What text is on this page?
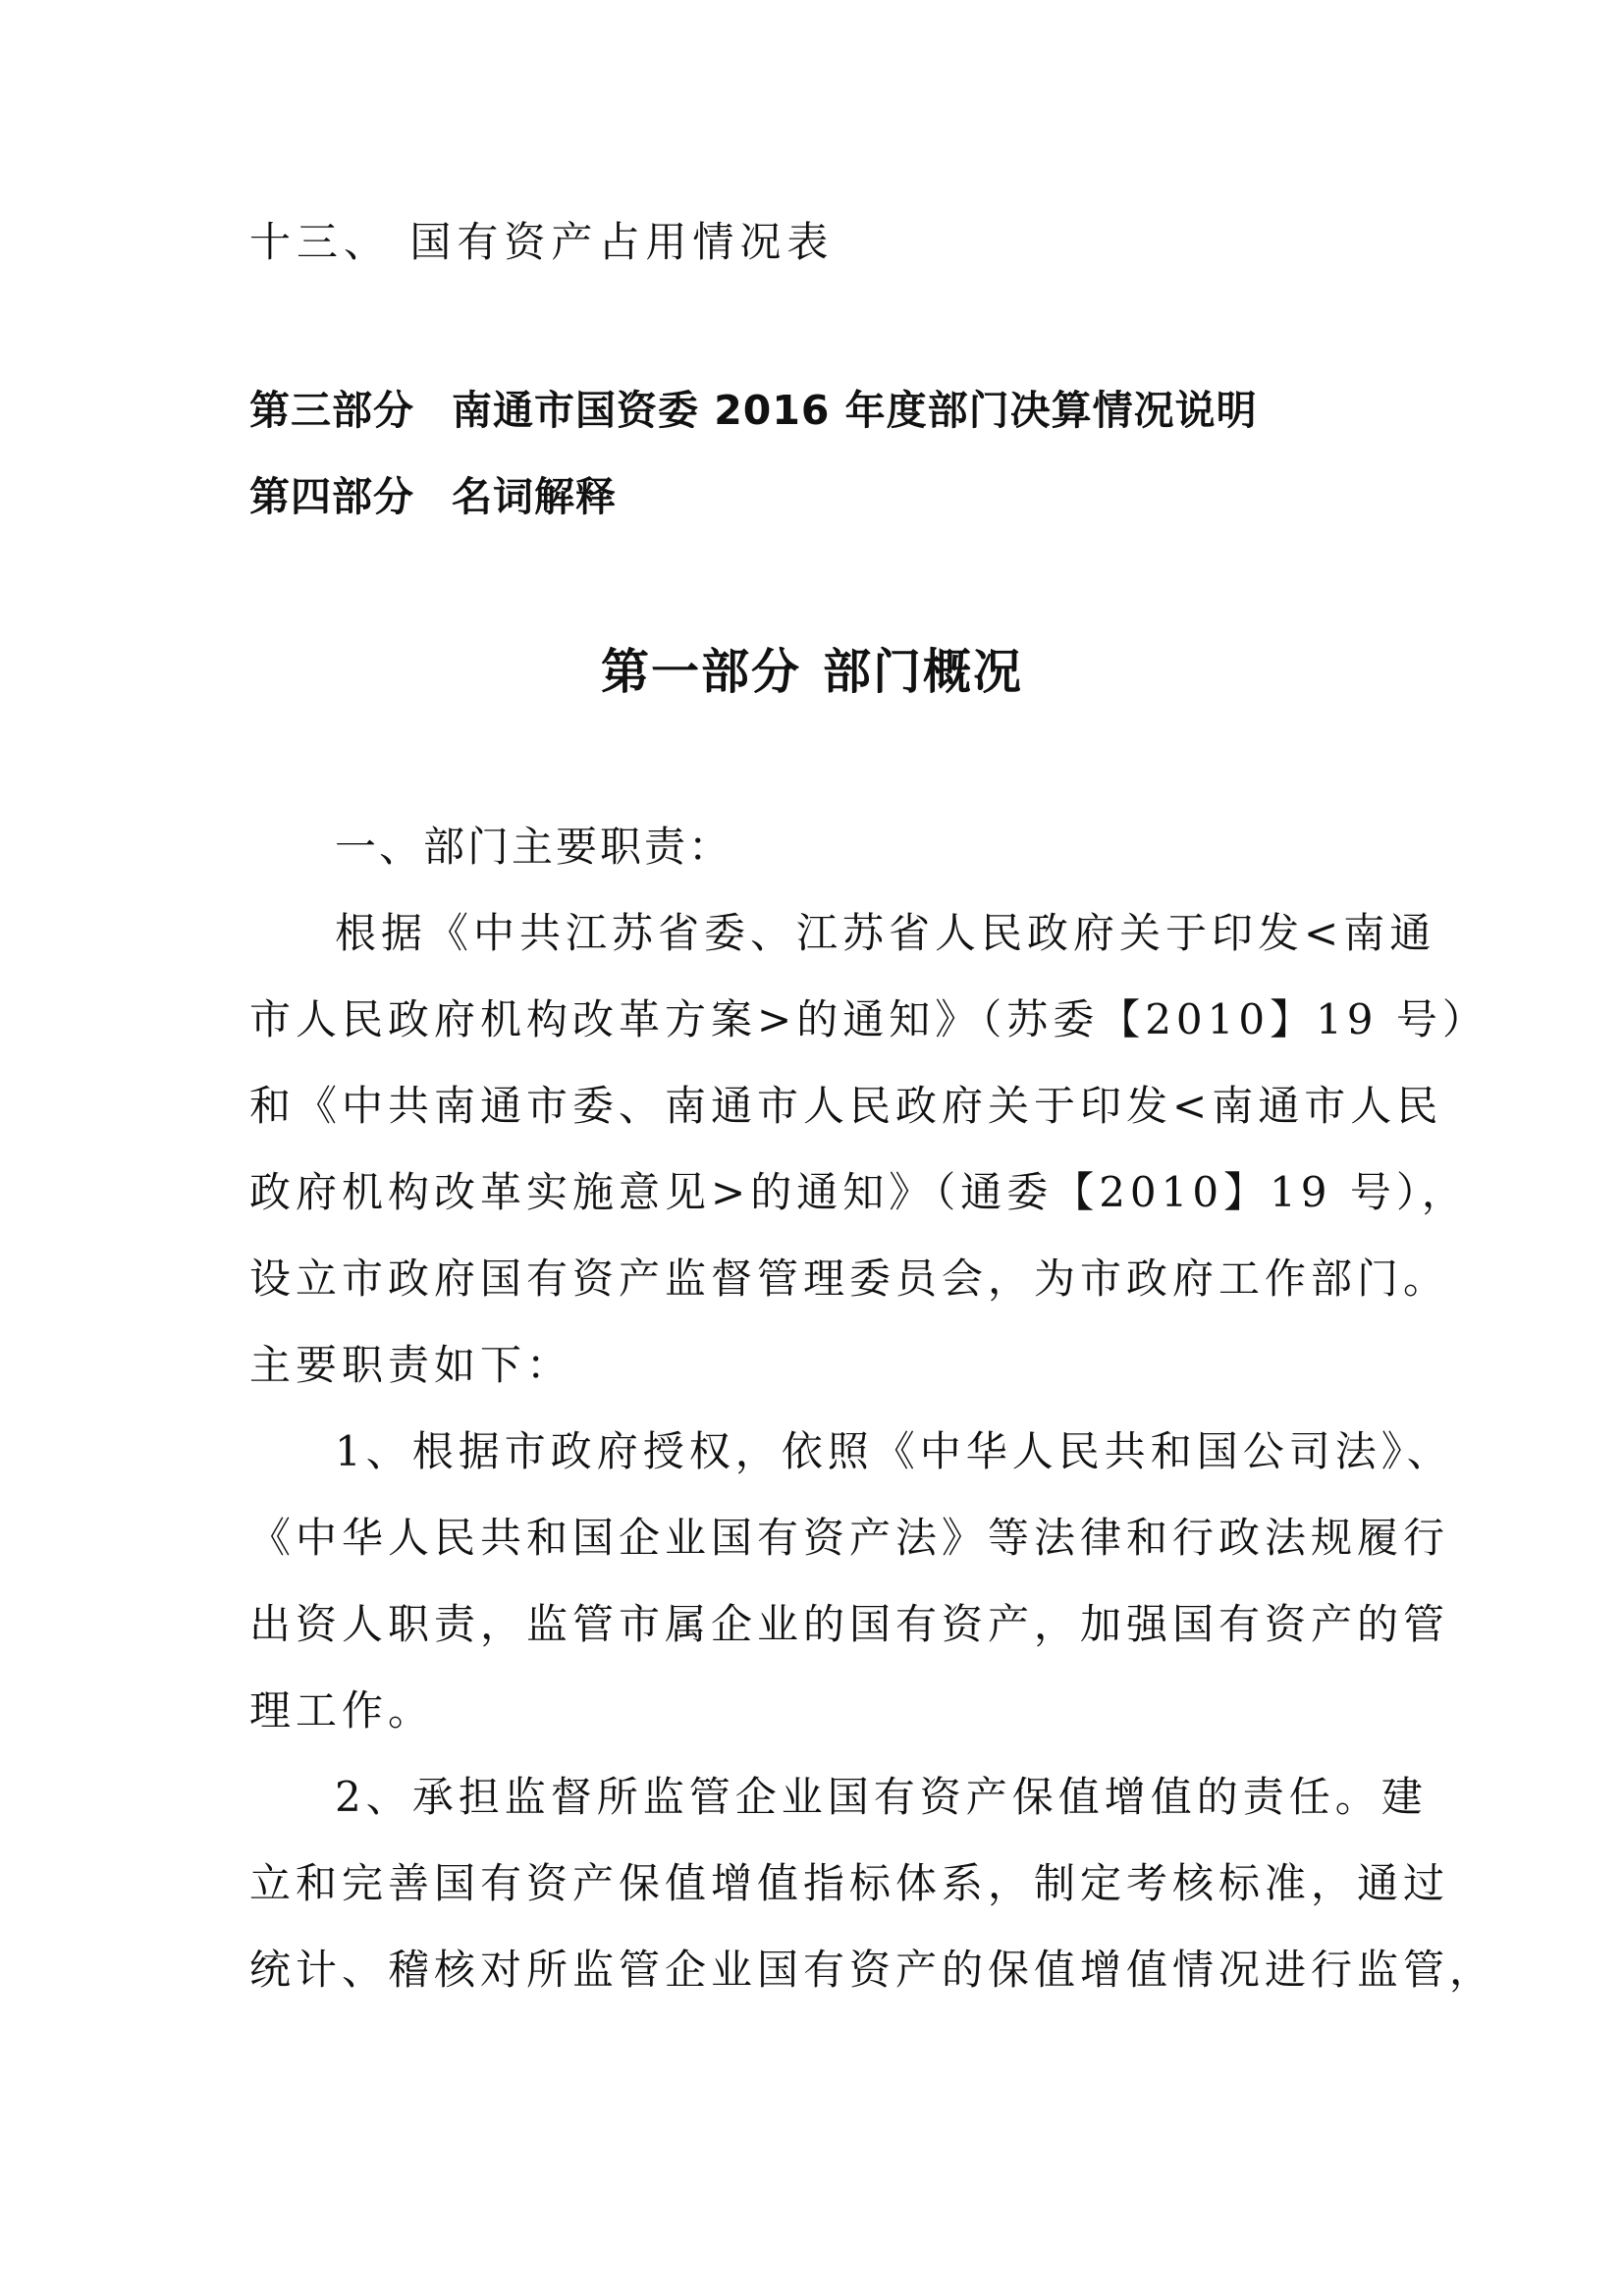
十三、 国有资产占用情况表
第三部分 南通市国资委 2016 年度部门决算情况说明
第四部分 名词解释
第一部分 部门概况
一、部门主要职责：
根据《中共江苏省委、江苏省人民政府关于印发<南通
市人民政府机构改革方案>的通知》（苏委【2010】19 号）
和《中共南通市委、南通市人民政府关于印发<南通市人民
政府机构改革实施意见>的通知》（通委【2010】19 号），
设立市政府国有资产监督管理委员会，为市政府工作部门。
主要职责如下：
1、根据市政府授权，依照《中华人民共和国公司法》、
《中华人民共和国企业国有资产法》等法律和行政法规履行
出资人职责，监管市属企业的国有资产，加强国有资产的管
理工作。
2、承担监督所监管企业国有资产保值增值的责任。建
立和完善国有资产保值增值指标体系，制定考核标准，通过
统计、稽核对所监管企业国有资产的保值增值情况进行监管，
